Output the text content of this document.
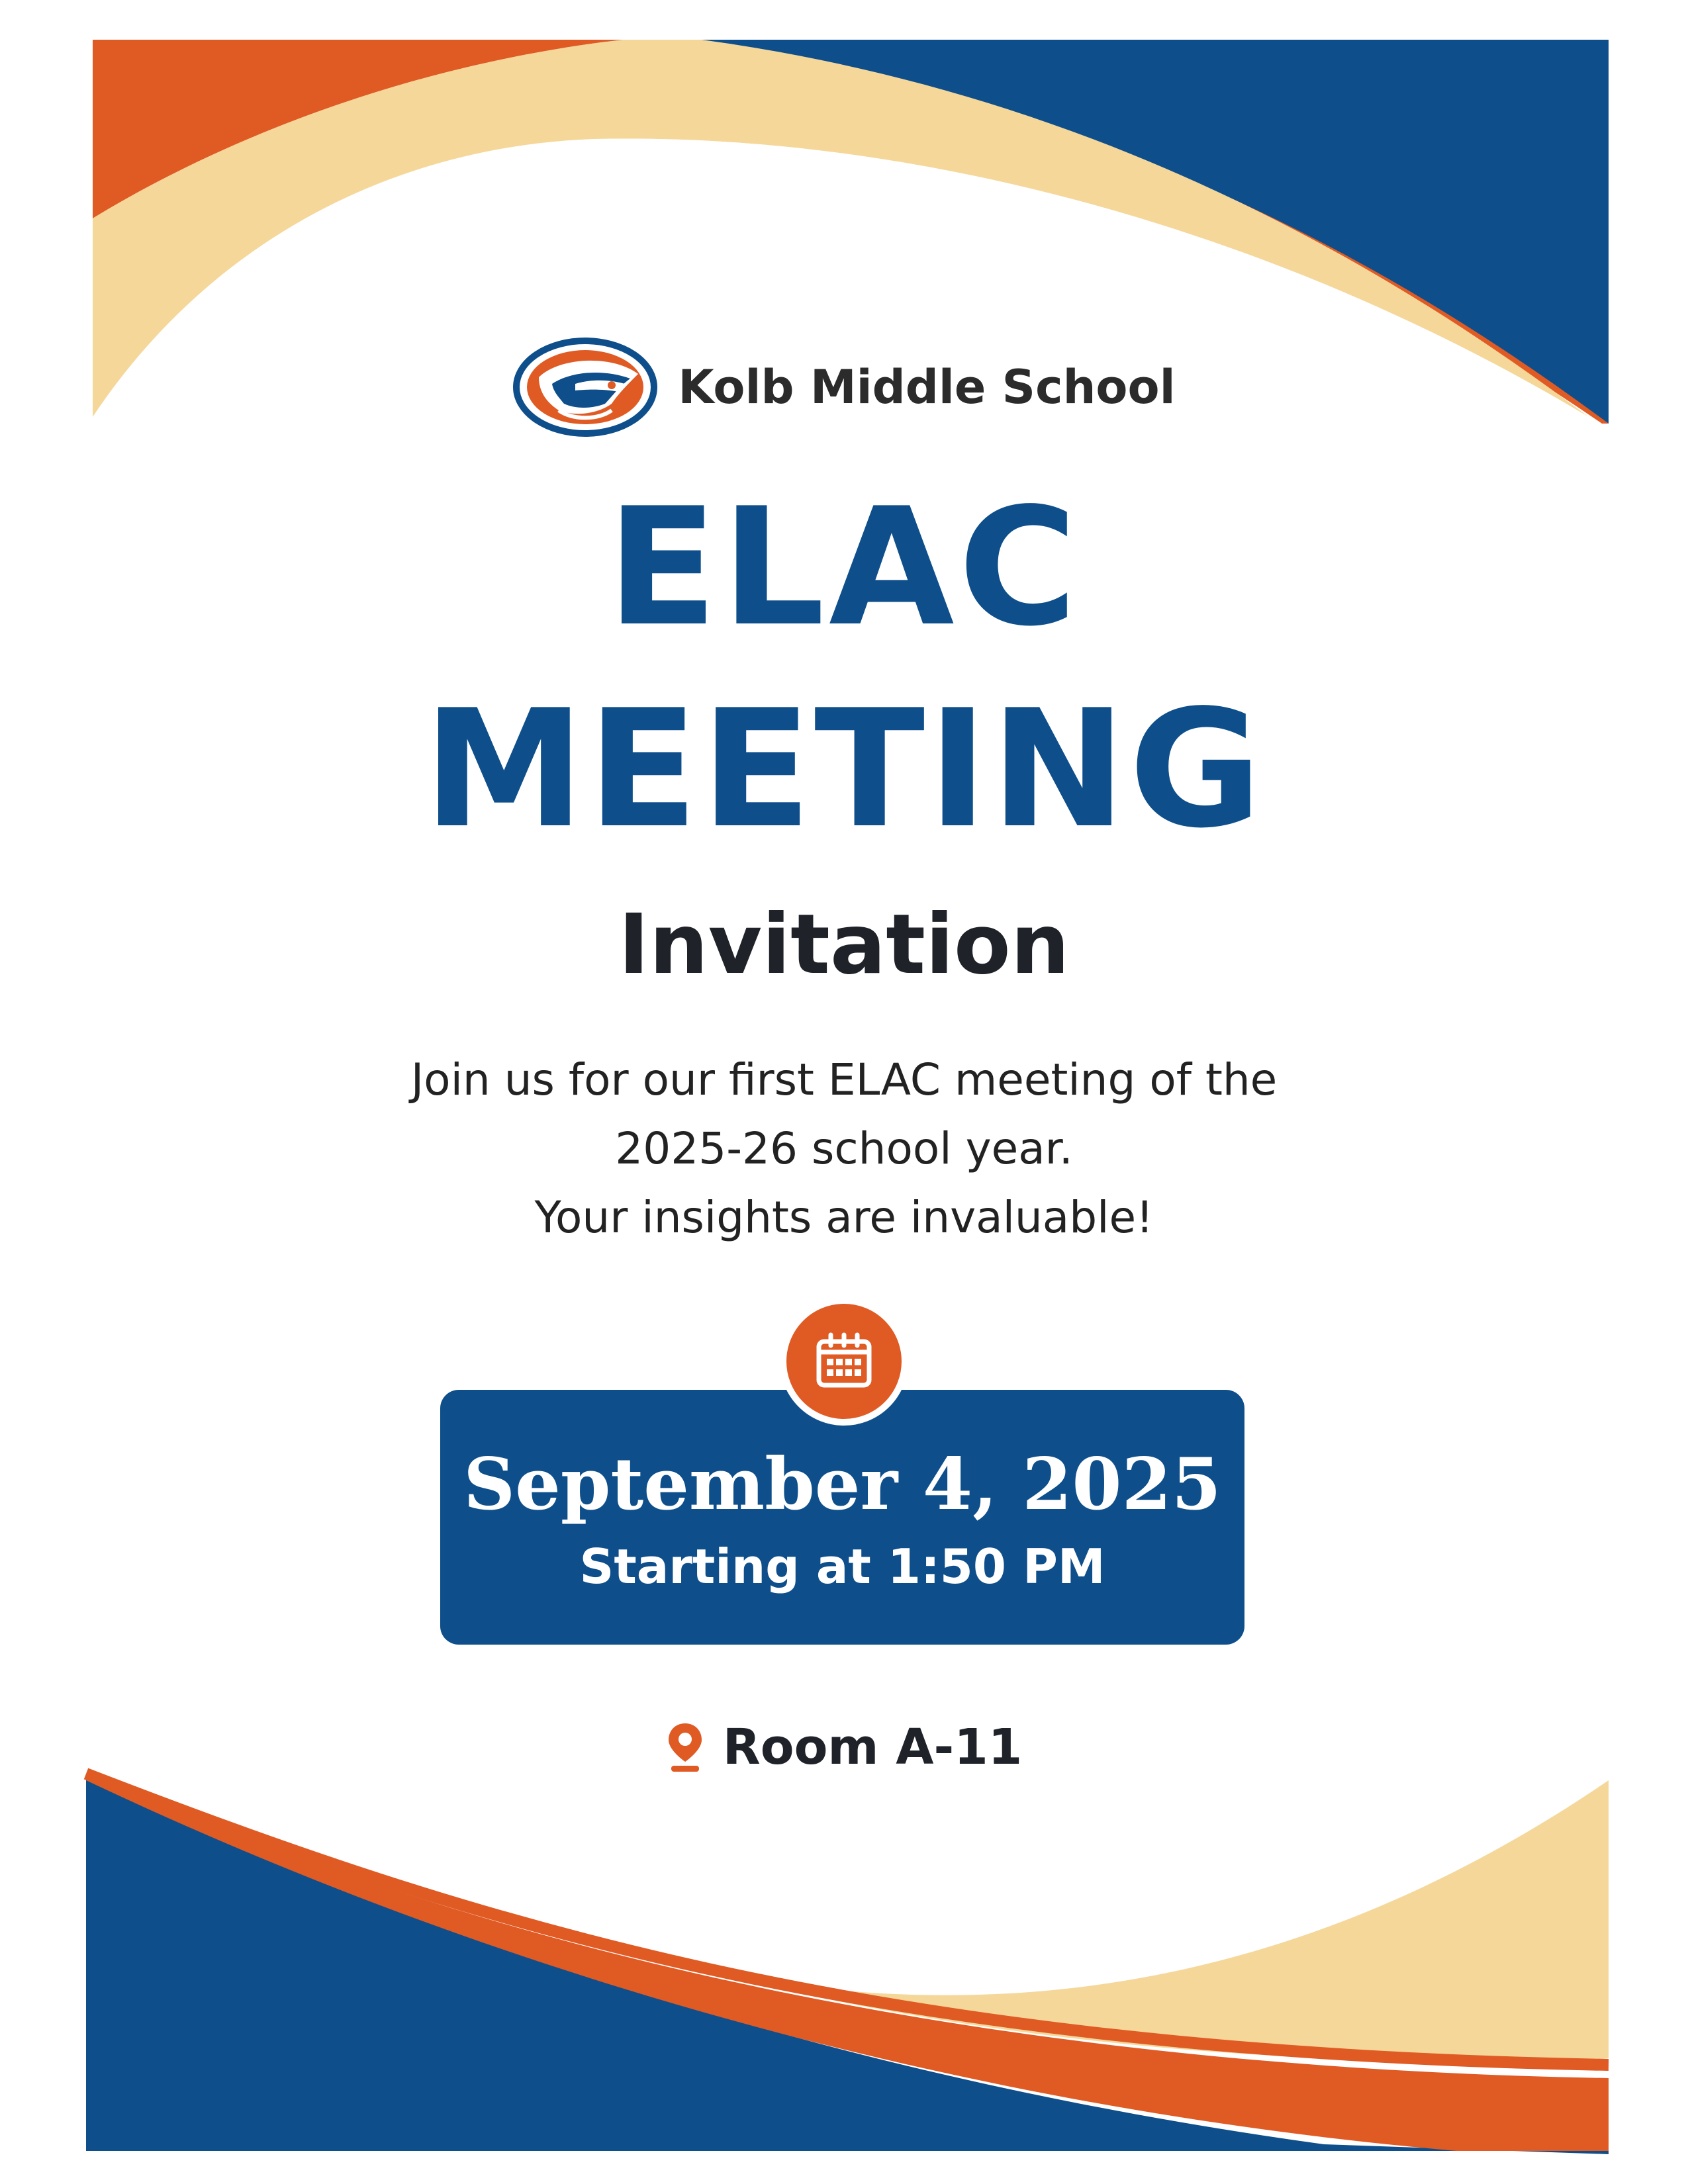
Kolb Middle School
ELAC
MEETING
Invitation
Join us for our first ELAC meeting of the
2025-26 school year.
Your insights are invaluable!
September 4, 2025
Starting at 1:50 PM
Room A-11
